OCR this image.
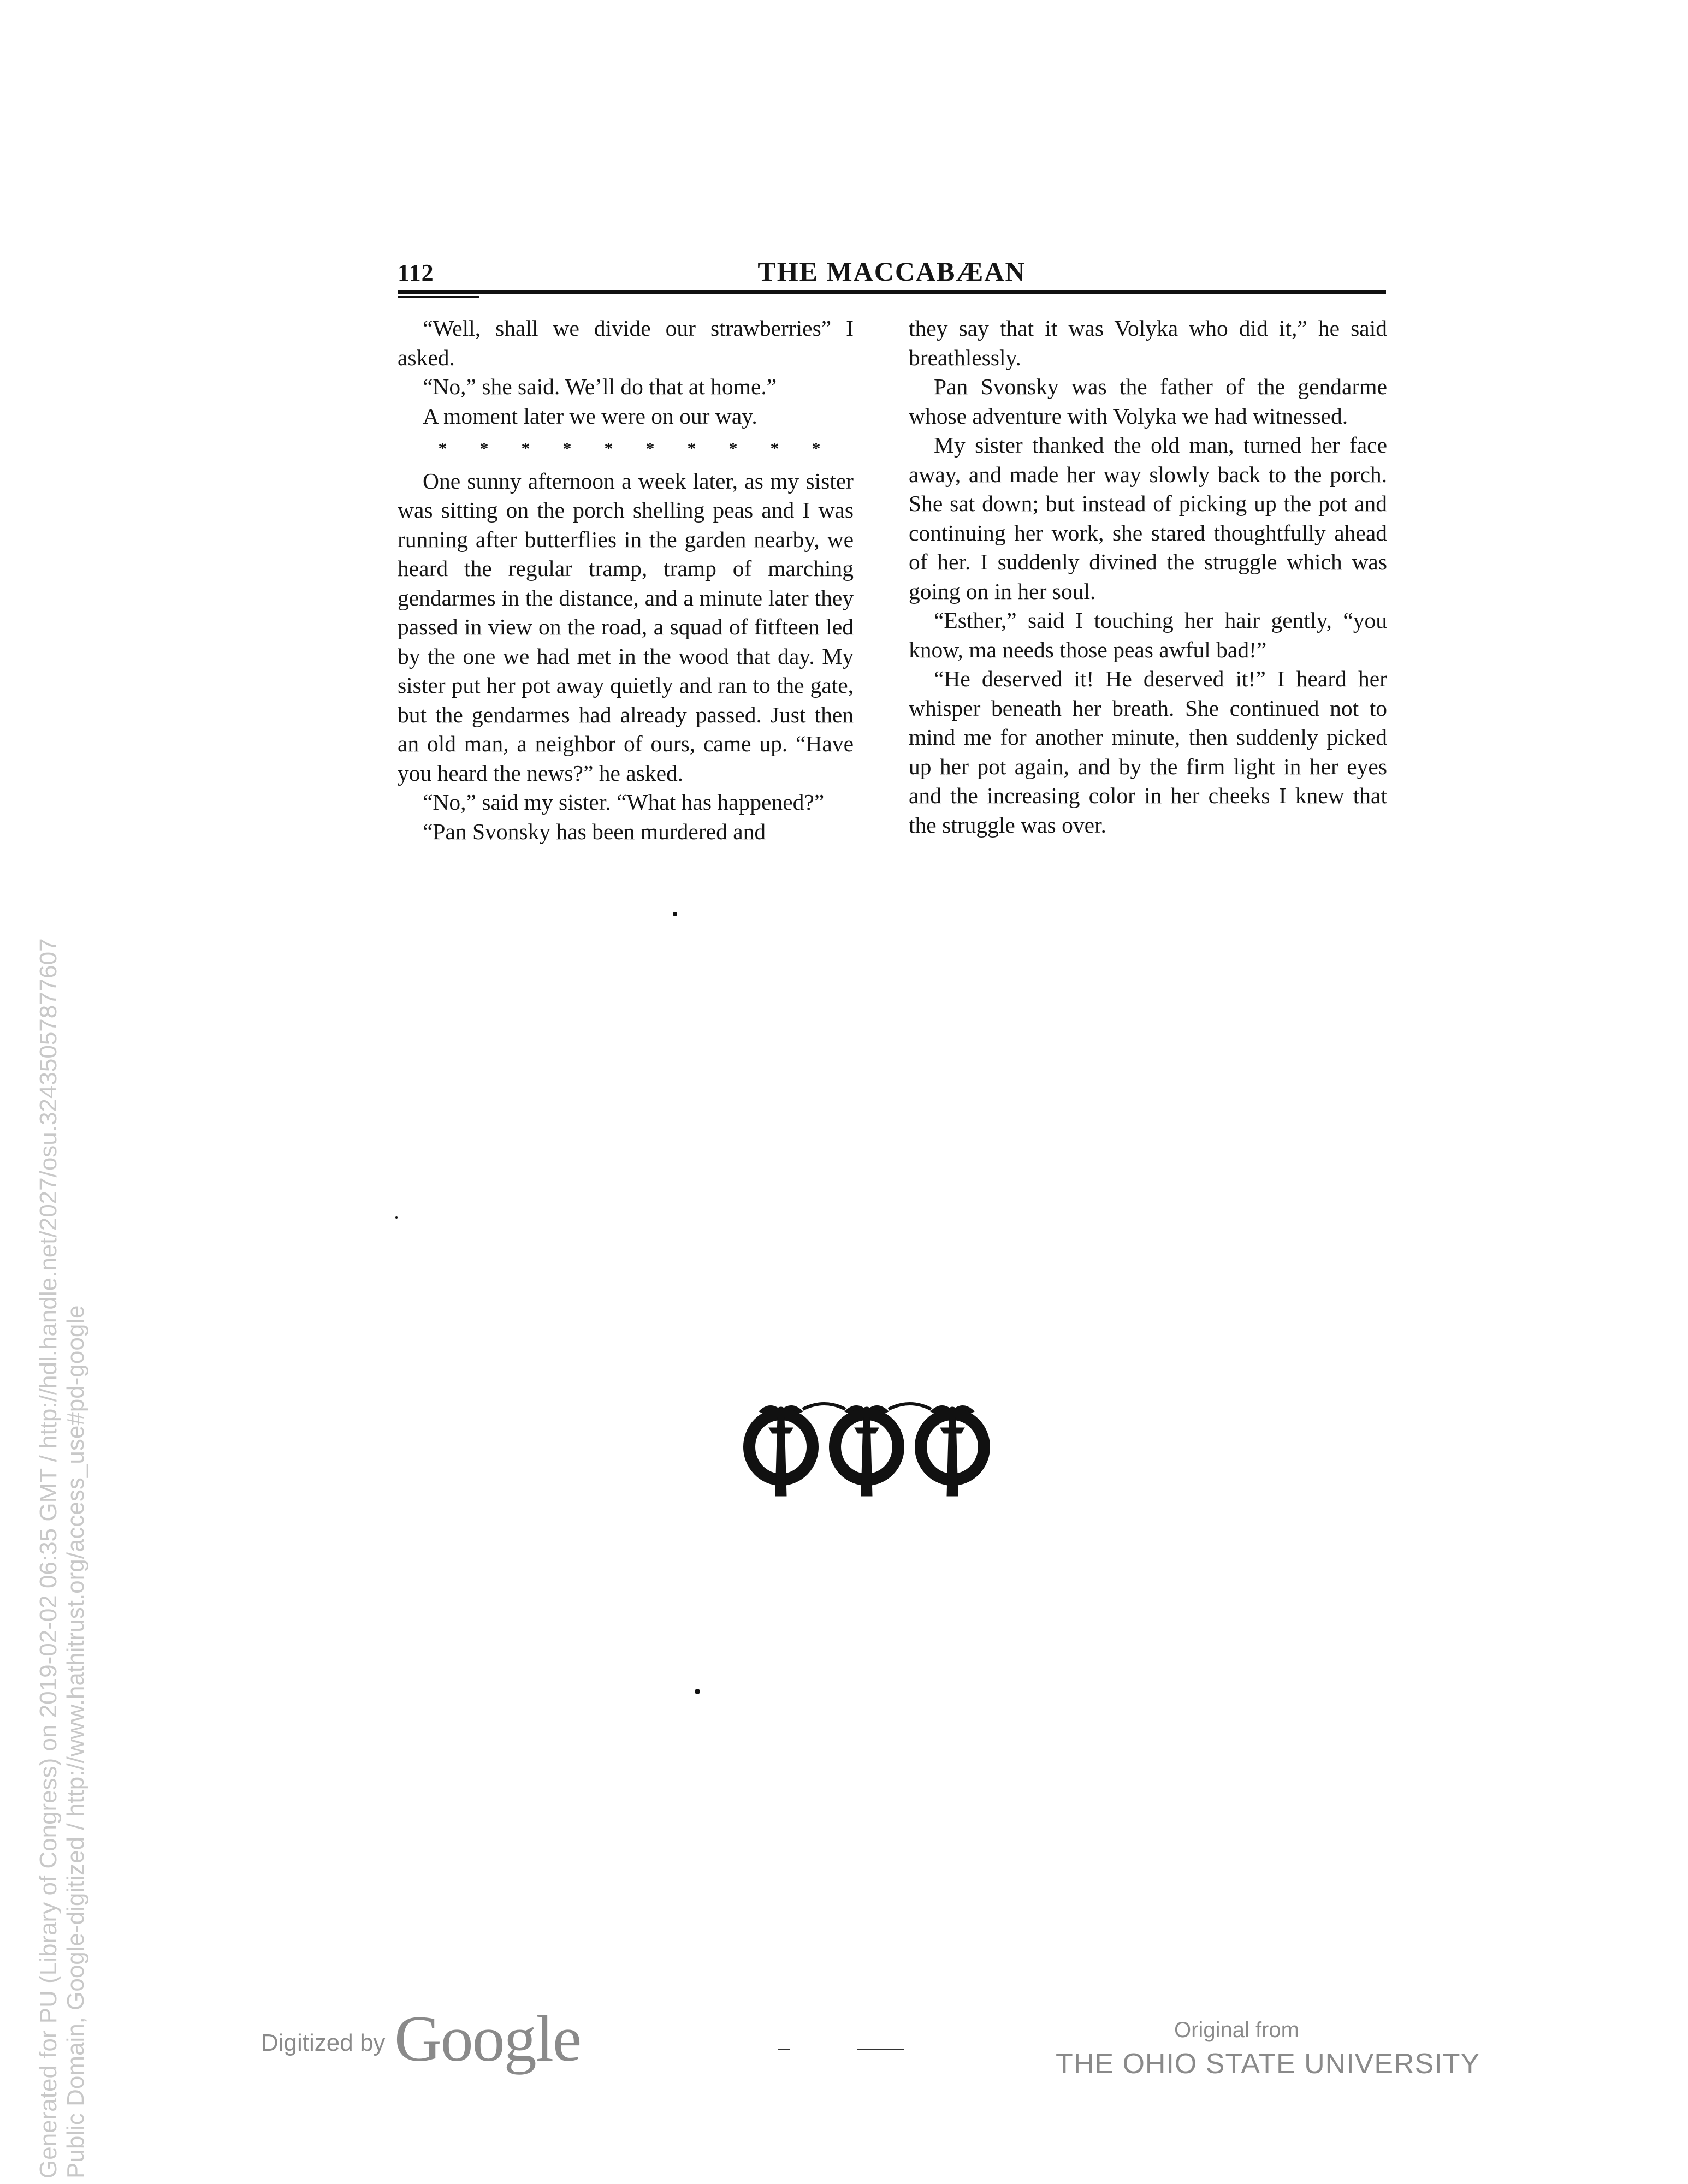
112	THE MACCABÆAN

“Well, shall we divide our strawberries” I asked.

“No,” she said. We’ll do that at home.”

A moment later we were on our way.

* * * * * * * * * *

One sunny afternoon a week later, as my sister was sitting on the porch shelling peas and I was running after butterflies in the garden nearby, we heard the regular tramp, tramp of marching gendarmes in the distance, and a minute later they passed in view on the road, a squad of fitfteen led by the one we had met in the wood that day. My sister put her pot away quietly and ran to the gate, but the gendarmes had already passed. Just then an old man, a neighbor of ours, came up. “Have you heard the news?” he asked.

“No,” said my sister. “What has happened?”

“Pan Svonsky has been murdered and

they say that it was Volyka who did it,” he said breathlessly.

Pan Svonsky was the father of the gendarme whose adventure with Volyka we had witnessed.

My sister thanked the old man, turned her face away, and made her way slowly back to the porch. She sat down; but instead of picking up the pot and continuing her work, she stared thoughtfully ahead of her. I suddenly divined the struggle which was going on in her soul.

“Esther,” said I touching her hair gently, “you know, ma needs those peas awful bad!”

“He deserved it! He deserved it!” I heard her whisper beneath her breath. She continued not to mind me for another minute, then suddenly picked up her pot again, and by the firm light in her eyes and the increasing color in her cheeks I knew that the struggle was over.

Digitized by Google	Original from
THE OHIO STATE UNIVERSITY
Generated for PU (Library of Congress) on 2019-02-02 06:35 GMT / http://hdl.handle.net/2027/osu.32435057877607 Public Domain, Google-digitized / http://www.hathitrust.org/access_use#pd-google
